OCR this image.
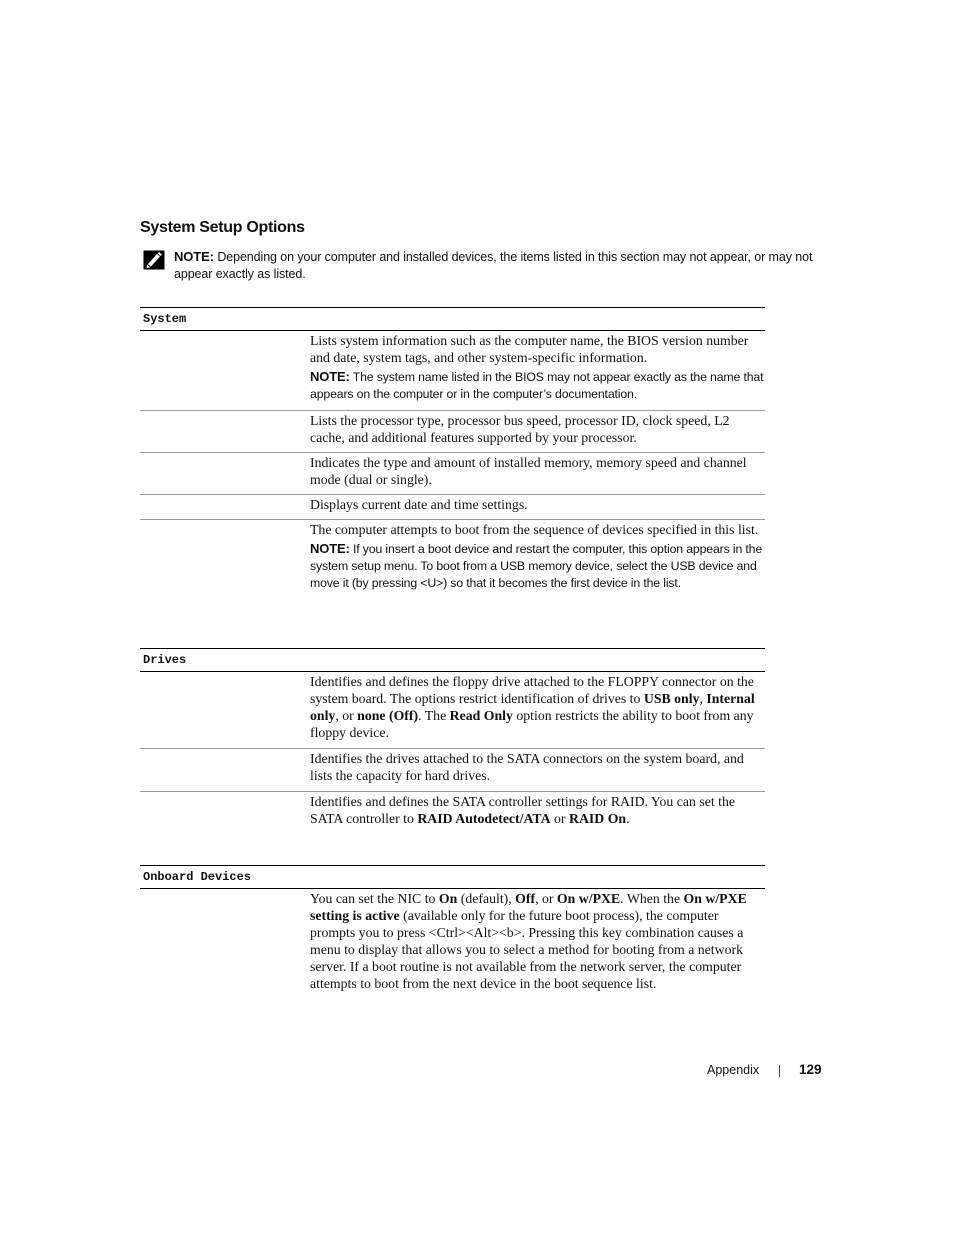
System Setup Options
NOTE: Depending on your computer and installed devices, the items listed in this section may not appear, or may not appear exactly as listed.
System

Lists system information such as the computer name, the BIOS version number and date, system tags, and other system-specific information.

NOTE: The system name listed in the BIOS may not appear exactly as the name that appears on the computer or in the computer’s documentation.

Lists the processor type, processor bus speed, processor ID, clock speed, L2 cache, and additional features supported by your processor.

Indicates the type and amount of installed memory, memory speed and channel mode (dual or single).

Displays current date and time settings.

The computer attempts to boot from the sequence of devices specified in this list.

NOTE: If you insert a boot device and restart the computer, this option appears in the system setup menu. To boot from a USB memory device, select the USB device and move it (by pressing <U>) so that it becomes the first device in the list.

Drives

Identifies and defines the floppy drive attached to the FLOPPY connector on the system board. The options restrict identification of drives to USB only, Internal only, or none (Off). The Read Only option restricts the ability to boot from any floppy device.

Identifies the drives attached to the SATA connectors on the system board, and lists the capacity for hard drives.

Identifies and defines the SATA controller settings for RAID. You can set the SATA controller to RAID Autodetect/ATA or RAID On.

Onboard Devices

You can set the NIC to On (default), Off, or On w/PXE. When the On w/PXE setting is active (available only for the future boot process), the computer prompts you to press <Ctrl><Alt><b>. Pressing this key combination causes a menu to display that allows you to select a method for booting from a network server. If a boot routine is not available from the network server, the computer attempts to boot from the next device in the boot sequence list.

Appendix	129
